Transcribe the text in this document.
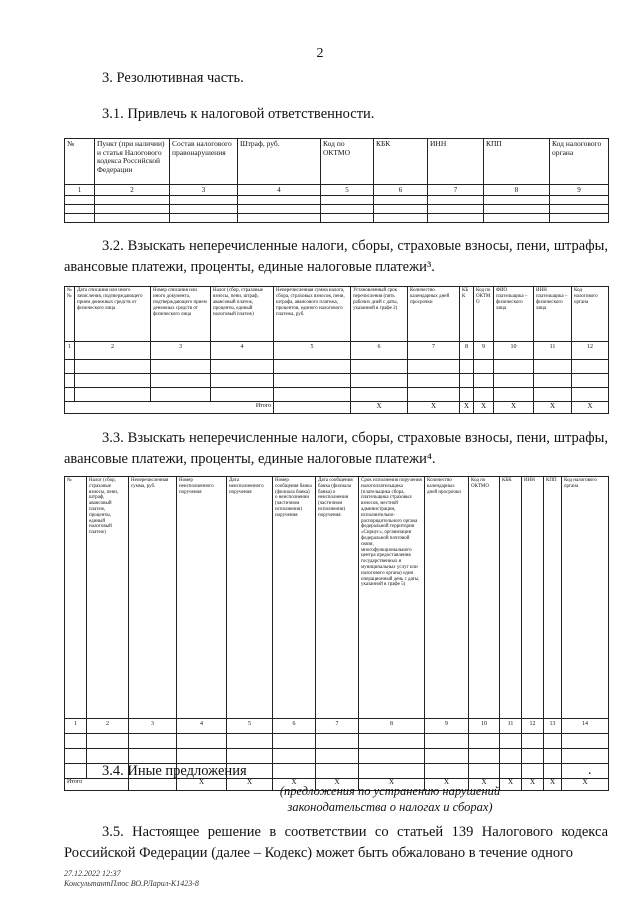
2
3. Резолютивная часть.
3.1. Привлечь к налоговой ответственности.
№	Пункт (при наличии) и статья Налогового кодекса Российской Федерации	Состав налогового правонарушения	Штраф, руб.	Код по ОКТМО	КБК	ИНН	КПП	Код налогового органа
1	2	3	4	5	6	7	8	9

3.2. Взыскать неперечисленные налоги, сборы, страховые взносы, пени, штрафы, авансовые платежи, проценты, единые налоговые платежи³.
№ №	Дата списания или иного зачисления, подтверждающего прием денежных средств от физического лица	Номер списания или иного документа, подтверждающего прием денежных средств от физического лица	Налог (сбор, страховые взносы, пени, штраф, авансовый платеж, проценты, единый налоговый платеж)	Неперечисленная сумма налога, сбора, страховых взносов, пени, штрафа, авансового платежа, процентов, единого налогового платежа, руб.	Установленный срок перечисления (пять рабочих дней с даты, указанной в графе 2)	Количество календарных дней просрочки	КБК	Код по ОКТМО	ФИО плательщика – физического лица	ИНН плательщика – физического лица	Код налогового органа
1	2	3	4	5	6	7	8	9	10	11	12

Итого					Х	Х	Х	Х	Х	Х	Х
3.3. Взыскать неперечисленные налоги, сборы, страховые взносы, пени, штрафы, авансовые платежи, проценты, единые налоговые платежи⁴.
№	Налог (сбор, страховые взносы, пени, штраф, авансовый платеж, проценты, единый налоговый платеж)	Неперечисленная сумма, руб.	Номер неисполненного поручения	Дата неисполненного поручения	Номер сообщения банка (филиала банка) о неисполнении (частичном исполнении) поручения	Дата сообщения банка (филиала банка) о неисполнении (частичном исполнении) поручения	Срок исполнения поручения налогоплательщика (плательщика сбора, плательщика страховых взносов, местной администрации, исполнительно-распорядительного органа федеральной территории «Сириус», организации федеральной почтовой связи, многофункционального центра предоставления государственных и муниципальных услуг или налогового органа) один операционный день с даты, указанной в графе 5)	Количество календарных дней просрочки	Код по ОКТМО	КБК	ИНН	КПП	Код налогового органа
1	2	3	4	5	6	7	8	9	10	11	12	13	14

Итого			Х	Х	Х	Х	Х	Х	Х	Х	Х	Х	Х
3.4. Иные предложения	.
(предложения по устранению нарушений законодательства о налогах и сборах)
3.5. Настоящее решение в соответствии со статьей 139 Налогового кодекса Российской Федерации (далее – Кодекс) может быть обжаловано в течение одного
27.12.2022 12:37
КонсультантПлюс ВО.РЛарил-К1423-8
